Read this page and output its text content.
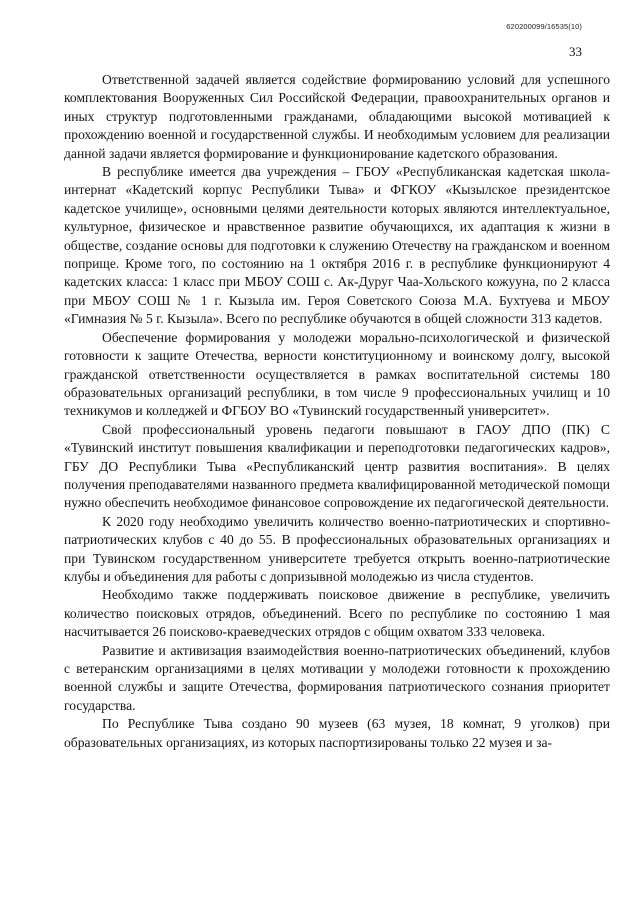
620200099/16535(10)
33

Ответственной задачей является содействие формированию условий для успешного комплектования Вооруженных Сил Российской Федерации, правоохранительных органов и иных структур подготовленными гражданами, обладающими высокой мотивацией к прохождению военной и государственной службы. И необходимым условием для реализации данной задачи является формирование и функционирование кадетского образования.

В республике имеется два учреждения – ГБОУ «Республиканская кадетская школа-интернат «Кадетский корпус Республики Тыва» и ФГКОУ «Кызылское президентское кадетское училище», основными целями деятельности которых являются интеллектуальное, культурное, физическое и нравственное развитие обучающихся, их адаптация к жизни в обществе, создание основы для подготовки к служению Отечеству на гражданском и военном поприще. Кроме того, по состоянию на 1 октября 2016 г. в республике функционируют 4 кадетских класса: 1 класс при МБОУ СОШ с. Ак-Дуруг Чаа-Хольского кожууна, по 2 класса при МБОУ СОШ № 1 г. Кызыла им. Героя Советского Союза М.А. Бухтуева и МБОУ «Гимназия № 5 г. Кызыла». Всего по республике обучаются в общей сложности 313 кадетов.

Обеспечение формирования у молодежи морально-психологической и физической готовности к защите Отечества, верности конституционному и воинскому долгу, высокой гражданской ответственности осуществляется в рамках воспитательной системы 180 образовательных организаций республики, в том числе 9 профессиональных училищ и 10 техникумов и колледжей и ФГБОУ ВО «Тувинский государственный университет».

Свой профессиональный уровень педагоги повышают в ГАОУ ДПО (ПК) С «Тувинский институт повышения квалификации и переподготовки педагогических кадров», ГБУ ДО Республики Тыва «Республиканский центр развития воспитания». В целях получения преподавателями названного предмета квалифицированной методической помощи нужно обеспечить необходимое финансовое сопровождение их педагогической деятельности.

К 2020 году необходимо увеличить количество военно-патриотических и спортивно-патриотических клубов с 40 до 55. В профессиональных образовательных организациях и при Тувинском государственном университете требуется открыть военно-патриотические клубы и объединения для работы с допризывной молодежью из числа студентов.

Необходимо также поддерживать поисковое движение в республике, увеличить количество поисковых отрядов, объединений. Всего по республике по состоянию 1 мая насчитывается 26 поисково-краеведческих отрядов с общим охватом 333 человека.

Развитие и активизация взаимодействия военно-патриотических объединений, клубов с ветеранским организациями в целях мотивации у молодежи готовности к прохождению военной службы и защите Отечества, формирования патриотического сознания приоритет государства.

По Республике Тыва создано 90 музеев (63 музея, 18 комнат, 9 уголков) при образовательных организациях, из которых паспортизированы только 22 музея и за-
